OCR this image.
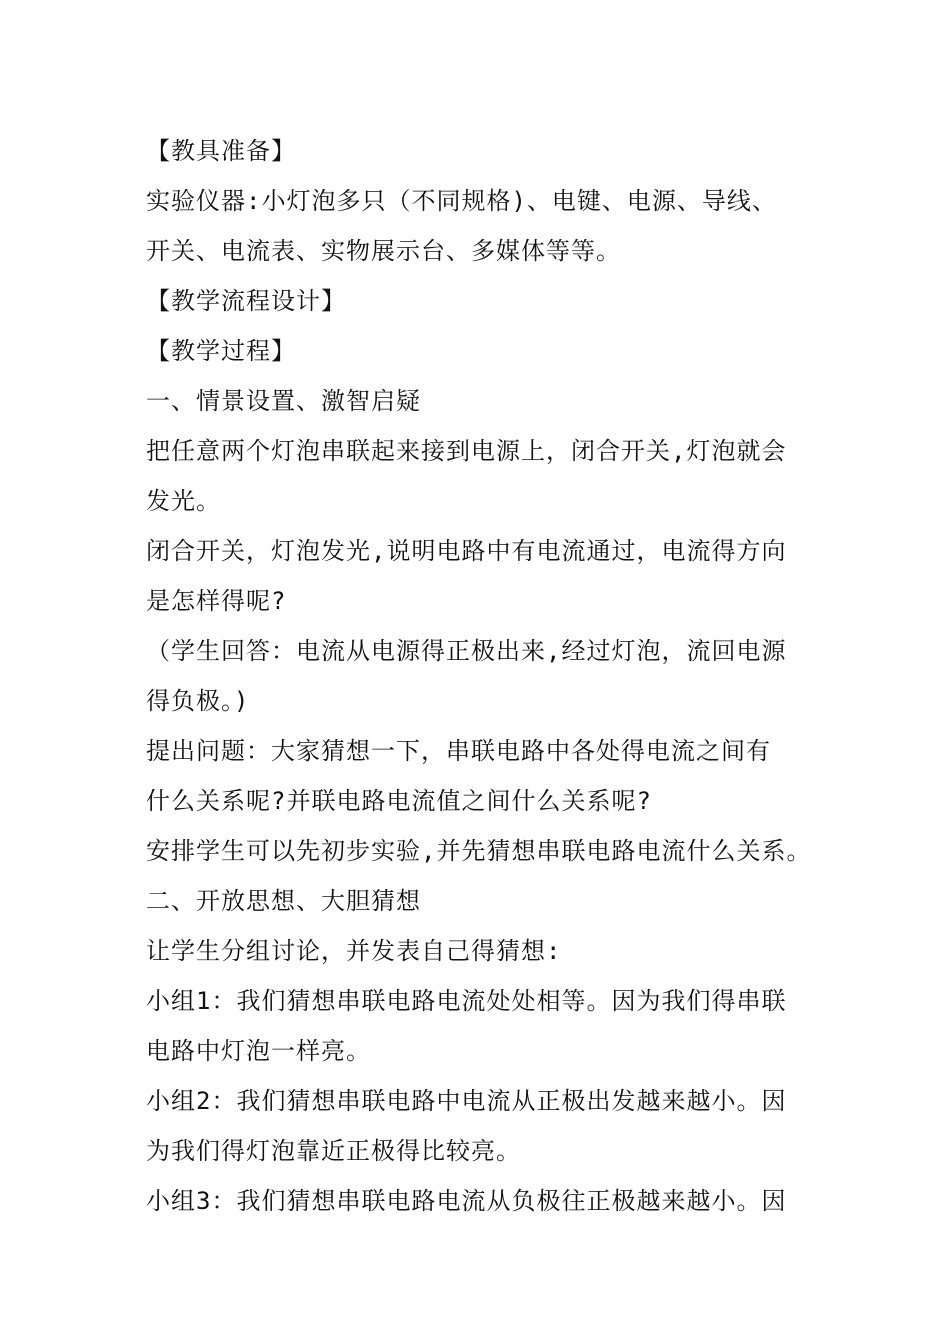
【教具准备】
实验仪器:小灯泡多只（不同规格)、电键、电源、导线、
开关、电流表、实物展示台、多媒体等等。
【教学流程设计】
【教学过程】
一、情景设置、激智启疑
把任意两个灯泡串联起来接到电源上，闭合开关,灯泡就会
发光。
闭合开关，灯泡发光,说明电路中有电流通过，电流得方向
是怎样得呢?
（学生回答：电流从电源得正极出来,经过灯泡，流回电源
得负极。)
提出问题：大家猜想一下，串联电路中各处得电流之间有
什么关系呢?并联电路电流值之间什么关系呢?
安排学生可以先初步实验,并先猜想串联电路电流什么关系。
二、开放思想、大胆猜想
让学生分组讨论，并发表自己得猜想:
小组1：我们猜想串联电路电流处处相等。因为我们得串联
电路中灯泡一样亮。
小组2：我们猜想串联电路中电流从正极出发越来越小。因
为我们得灯泡靠近正极得比较亮。
小组3：我们猜想串联电路电流从负极往正极越来越小。因
